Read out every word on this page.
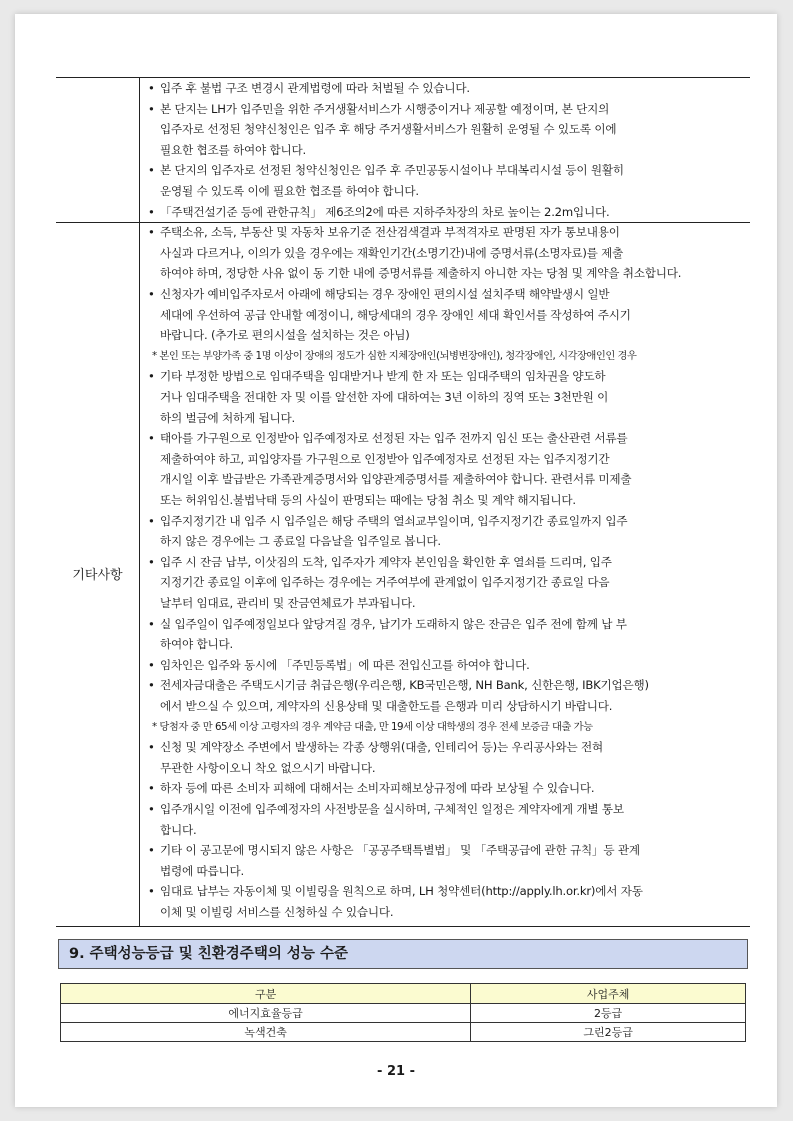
기타사항
• 입주 후 불법 구조 변경시 관계법령에 따라 처벌될 수 있습니다.
• 본 단지는 LH가 입주민을 위한 주거생활서비스가 시행중이거나 제공할 예정이며, 본 단지의
입주자로 선정된 청약신청인은 입주 후 해당 주거생활서비스가 원활히 운영될 수 있도록 이에
필요한 협조를 하여야 합니다.
• 본 단지의 입주자로 선정된 청약신청인은 입주 후 주민공동시설이나 부대복리시설 등이 원활히
운영될 수 있도록 이에 필요한 협조를 하여야 합니다.
• 「주택건설기준 등에 관한규칙」 제6조의2에 따른 지하주차장의 차로 높이는 2.2m입니다.
• 주택소유, 소득, 부동산 및 자동차 보유기준 전산검색결과 부적격자로 판명된 자가 통보내용이
사실과 다르거나, 이의가 있을 경우에는 재확인기간(소명기간)내에 증명서류(소명자료)를 제출
하여야 하며, 정당한 사유 없이 동 기한 내에 증명서류를 제출하지 아니한 자는 당첨 및 계약을 취소합니다.
• 신청자가 예비입주자로서 아래에 해당되는 경우 장애인 편의시설 설치주택 해약발생시 일반
세대에 우선하여 공급 안내할 예정이니, 해당세대의 경우 장애인 세대 확인서를 작성하여 주시기
바랍니다. (추가로 편의시설을 설치하는 것은 아님)
* 본인 또는 부양가족 중 1명 이상이 장애의 정도가 심한 지체장애인(뇌병변장애인), 청각장애인, 시각장애인인 경우
• 기타 부정한 방법으로 임대주택을 임대받거나 받게 한 자 또는 임대주택의 임차권을 양도하
거나 임대주택을 전대한 자 및 이를 알선한 자에 대하여는 3년 이하의 징역 또는 3천만원 이
하의 벌금에 처하게 됩니다.
• 태아를 가구원으로 인정받아 입주예정자로 선정된 자는 입주 전까지 임신 또는 출산관련 서류를
제출하여야 하고, 피입양자를 가구원으로 인정받아 입주예정자로 선정된 자는 입주지정기간
개시일 이후 발급받은 가족관계증명서와 입양관계증명서를 제출하여야 합니다. 관련서류 미제출
또는 허위임신.불법낙태 등의 사실이 판명되는 때에는 당첨 취소 및 계약 해지됩니다.
• 입주지정기간 내 입주 시 입주일은 해당 주택의 열쇠교부일이며, 입주지정기간 종료일까지 입주
하지 않은 경우에는 그 종료일 다음날을 입주일로 봅니다.
• 입주 시 잔금 납부, 이삿짐의 도착, 입주자가 계약자 본인임을 확인한 후 열쇠를 드리며, 입주
지정기간 종료일 이후에 입주하는 경우에는 거주여부에 관계없이 입주지정기간 종료일 다음
날부터 임대료, 관리비 및 잔금연체료가 부과됩니다.
• 실 입주일이 입주예정일보다 앞당겨질 경우, 납기가 도래하지 않은 잔금은 입주 전에 함께 납 부
하여야 합니다.
• 임차인은 입주와 동시에 「주민등록법」에 따른 전입신고를 하여야 합니다.
• 전세자금대출은 주택도시기금 취급은행(우리은행, KB국민은행, NH Bank, 신한은행, IBK기업은행)
에서 받으실 수 있으며, 계약자의 신용상태 및 대출한도를 은행과 미리 상담하시기 바랍니다.
* 당첨자 중 만 65세 이상 고령자의 경우 계약금 대출, 만 19세 이상 대학생의 경우 전세 보증금 대출 가능
• 신청 및 계약장소 주변에서 발생하는 각종 상행위(대출, 인테리어 등)는 우리공사와는 전혀
무관한 사항이오니 착오 없으시기 바랍니다.
• 하자 등에 따른 소비자 피해에 대해서는 소비자피해보상규정에 따라 보상될 수 있습니다.
• 입주개시일 이전에 입주예정자의 사전방문을 실시하며, 구체적인 일정은 계약자에게 개별 통보
합니다.
• 기타 이 공고문에 명시되지 않은 사항은 「공공주택특별법」 및 「주택공급에 관한 규칙」등 관계
법령에 따릅니다.
• 임대료 납부는 자동이체 및 이빌링을 원칙으로 하며, LH 청약센터(http://apply.lh.or.kr)에서 자동
이체 및 이빌링 서비스를 신청하실 수 있습니다.
9. 주택성능등급 및 친환경주택의 성능 수준
구분	사업주체
에너지효율등급	2등급
녹색건축	그린2등급
- 21 -
